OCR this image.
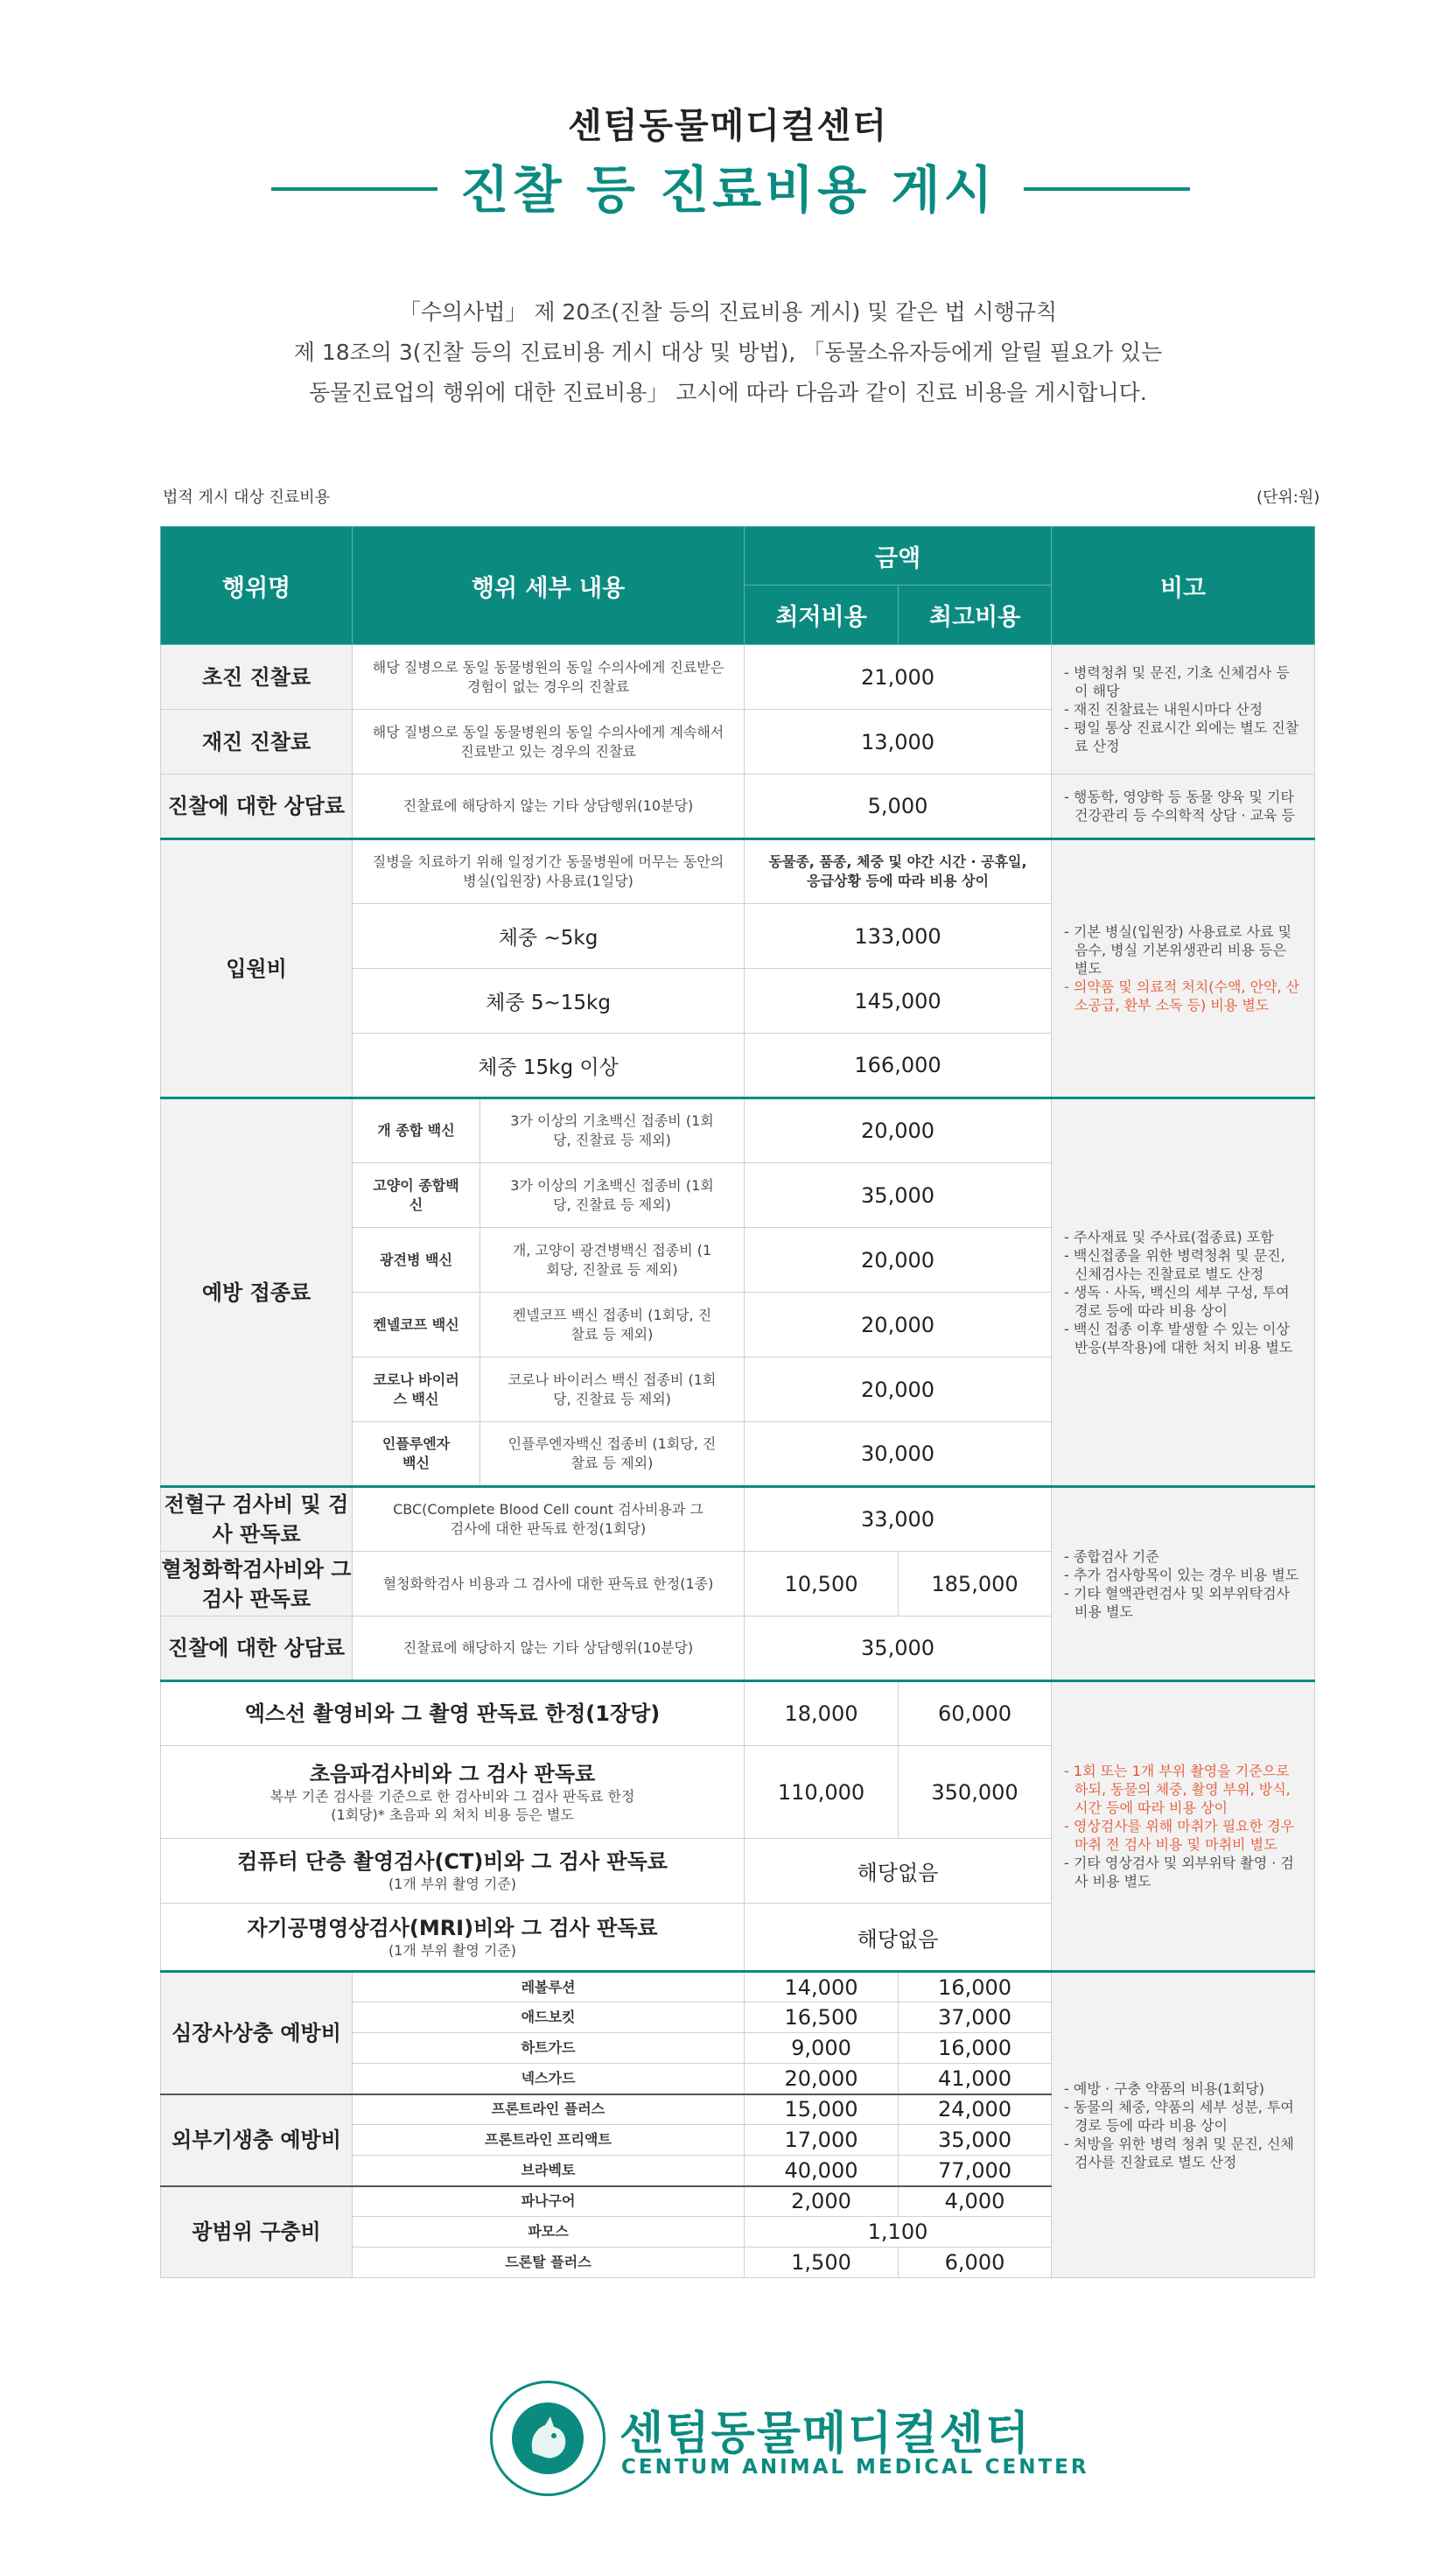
센텀동물메디컬센터
진찰 등 진료비용 게시
「수의사법」 제 20조(진찰 등의 진료비용 게시) 및 같은 법 시행규칙
제 18조의 3(진찰 등의 진료비용 게시 대상 및 방법), 「동물소유자등에게 알릴 필요가 있는
동물진료업의 행위에 대한 진료비용」 고시에 따라 다음과 같이 진료 비용을 게시합니다.
법적 게시 대상 진료비용	(단위:원)
행위명	행위 세부 내용		금액		비고
			최저비용	최고비용	
초진 진찰료	해당 질병으로 동일 동물병원의 동일 수의사에게 진료받은 경험이 없는 경우의 진찰료		21,000		- 병력청취 및 문진, 기초 신체검사 등이 해당
- 재진 진찰료는 내원시마다 산정
- 평일 통상 진료시간 외에는 별도 진찰료 산정

재진 진찰료	해당 질병으로 동일 동물병원의 동일 수의사에게 계속해서 진료받고 있는 경우의 진찰료		13,000		
진찰에 대한 상담료	진찰료에 해당하지 않는 기타 상담행위(10분당)		5,000		- 행동학, 영양학 등 동물 양육 및 기타 건강관리 등 수의학적 상담 · 교육 등

입원비	질병을 치료하기 위해 일정기간 동물병원에 머무는 동안의 병실(입원장) 사용료(1일당)		동물종, 품종, 체중 및 야간 시간 · 공휴일, 응급상황 등에 따라 비용 상이		- 기본 병실(입원장) 사용료로 사료 및 음수, 병실 기본위생관리 비용 등은 별도
- 의약품 및 의료적 처치(수액, 안약, 산소공급, 환부 소독 등) 비용 별도

	체중 ~5kg		133,000		
	체중 5~15kg		145,000		
	체중 15kg 이상		166,000		
예방 접종료	개 종합 백신	3가 이상의 기초백신 접종비 (1회당, 진찰료 등 제외)	20,000		- 주사재료 및 주사료(접종료) 포함
- 백신접종을 위한 병력청취 및 문진, 신체검사는 진찰료로 별도 산정
- 생독 · 사독, 백신의 세부 구성, 투여 경로 등에 따라 비용 상이
- 백신 접종 이후 발생할 수 있는 이상반응(부작용)에 대한 처치 비용 별도

	고양이 종합백신	3가 이상의 기초백신 접종비 (1회당, 진찰료 등 제외)	35,000		
	광견병 백신	개, 고양이 광견병백신 접종비 (1회당, 진찰료 등 제외)	20,000		
	켄넬코프 백신	켄넬코프 백신 접종비 (1회당, 진찰료 등 제외)	20,000		
	코로나 바이러스 백신	코로나 바이러스 백신 접종비 (1회당, 진찰료 등 제외)	20,000		
	인플루엔자 백신	인플루엔자백신 접종비 (1회당, 진찰료 등 제외)	30,000		
전혈구 검사비 및 검사 판독료	CBC(Complete Blood Cell count 검사비용과 그 검사에 대한 판독료 한정(1회당)		33,000		- 종합검사 기준
- 추가 검사항목이 있는 경우 비용 별도
- 기타 혈액관련검사 및 외부위탁검사 비용 별도

혈청화학검사비와 그 검사 판독료	혈청화학검사 비용과 그 검사에 대한 판독료 한정(1종)		10,500	185,000	
진찰에 대한 상담료	진찰료에 해당하지 않는 기타 상담행위(10분당)		35,000		
엑스선 촬영비와 그 촬영 판독료 한정(1장당)			18,000	60,000	- 1회 또는 1개 부위 촬영을 기준으로 하되, 동물의 체중, 촬영 부위, 방식, 시간 등에 따라 비용 상이
- 영상검사를 위해 마취가 필요한 경우 마취 전 검사 비용 및 마취비 별도
- 기타 영상검사 및 외부위탁 촬영 · 검사 비용 별도

초음파검사비와 그 검사 판독료
복부 기존 검사를 기준으로 한 검사비와 그 검사 판독료 한정 (1회당)* 초음파 외 처치 비용 등은 별도			110,000	350,000	
컴퓨터 단층 촬영검사(CT)비와 그 검사 판독료
(1개 부위 촬영 기준)			해당없음		
자기공명영상검사(MRI)비와 그 검사 판독료
(1개 부위 촬영 기준)			해당없음		
심장사상충 예방비	레볼루션		14,000	16,000	- 예방 · 구충 약품의 비용(1회당)
- 동물의 체중, 약품의 세부 성분, 투여경로 등에 따라 비용 상이
- 처방을 위한 병력 청취 및 문진, 신체검사를 진찰료로 별도 산정

	애드보킷		16,500	37,000	
	하트가드		9,000	16,000	
	넥스가드		20,000	41,000	
외부기생충 예방비	프론트라인 플러스		15,000	24,000	
	프론트라인 프리액트		17,000	35,000	
	브라벡토		40,000	77,000	
광범위 구충비	파나구어		2,000	4,000	
	파모스		1,100		
	드론탈 플러스		1,500	6,000	
센텀동물메디컬센터
CENTUM ANIMAL MEDICAL CENTER
